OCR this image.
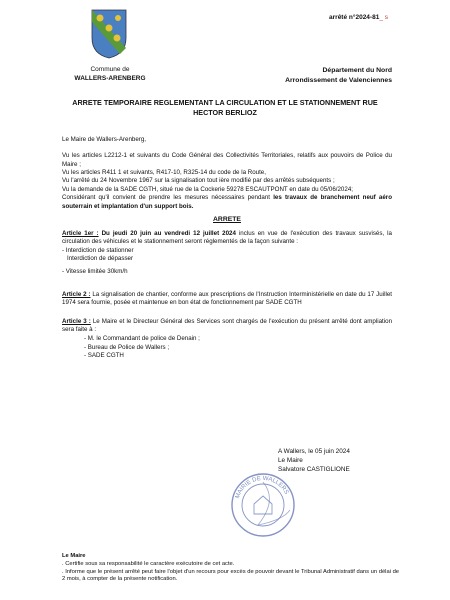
arrêté n°2024-81_ s
Commune de
WALLERS-ARENBERG
Département du Nord
Arrondissement de Valenciennes
ARRETE TEMPORAIRE REGLEMENTANT LA CIRCULATION ET LE STATIONNEMENT RUE
HECTOR BERLIOZ

Le Maire de Wallers-Arenberg,

Vu les articles L2212-1 et suivants du Code Général des Collectivités Territoriales, relatifs aux pouvoirs de Police du Maire ;

Vu les articles R411 1 et suivants, R417-10, R325-14 du code de la Route,

Vu l'arrêté du 24 Novembre 1967 sur la signalisation tout ière modifié par des arrêtés subséquents ;

Vu la demande de la SADE CGTH, situé rue de la Cockerie 59278 ESCAUTPONT en date du 05/06/2024;

Considérant qu'il convient de prendre les mesures nécessaires pendant les travaux de branchement neuf aéro souterrain et implantation d'un support bois.

ARRETE

Article 1er : Du jeudi 20 juin au vendredi 12 juillet 2024 inclus en vue de l'exécution des travaux susvisés, la circulation des véhicules et le stationnement seront réglementés de la façon suivante :

- Interdiction de stationner
Interdiction de dépasser
- Vitesse limitée 30km/h

Article 2 : La signalisation de chantier, conforme aux prescriptions de l'Instruction Interministérielle en date du 17 Juillet 1974 sera fournie, posée et maintenue en bon état de fonctionnement par SADE CGTH

Article 3 : Le Maire et le Directeur Général des Services sont chargés de l'exécution du présent arrêté dont ampliation sera faite à :

- M. le Commandant de police de Denain ;
- Bureau de Police de Wallers ;
- SADE CGTH
A Wallers, le 05 juin 2024
Le Maire
Salvatore CASTIGLIONE
MAIRIE DE WALLERS
Le Maire
. Certifie sous sa responsabilité le caractère exécutoire de cet acte.
. Informe que le présent arrêté peut faire l'objet d'un recours pour excès de pouvoir devant le Tribunal Administratif dans un délai de 2 mois, à compter de la présente notification.
